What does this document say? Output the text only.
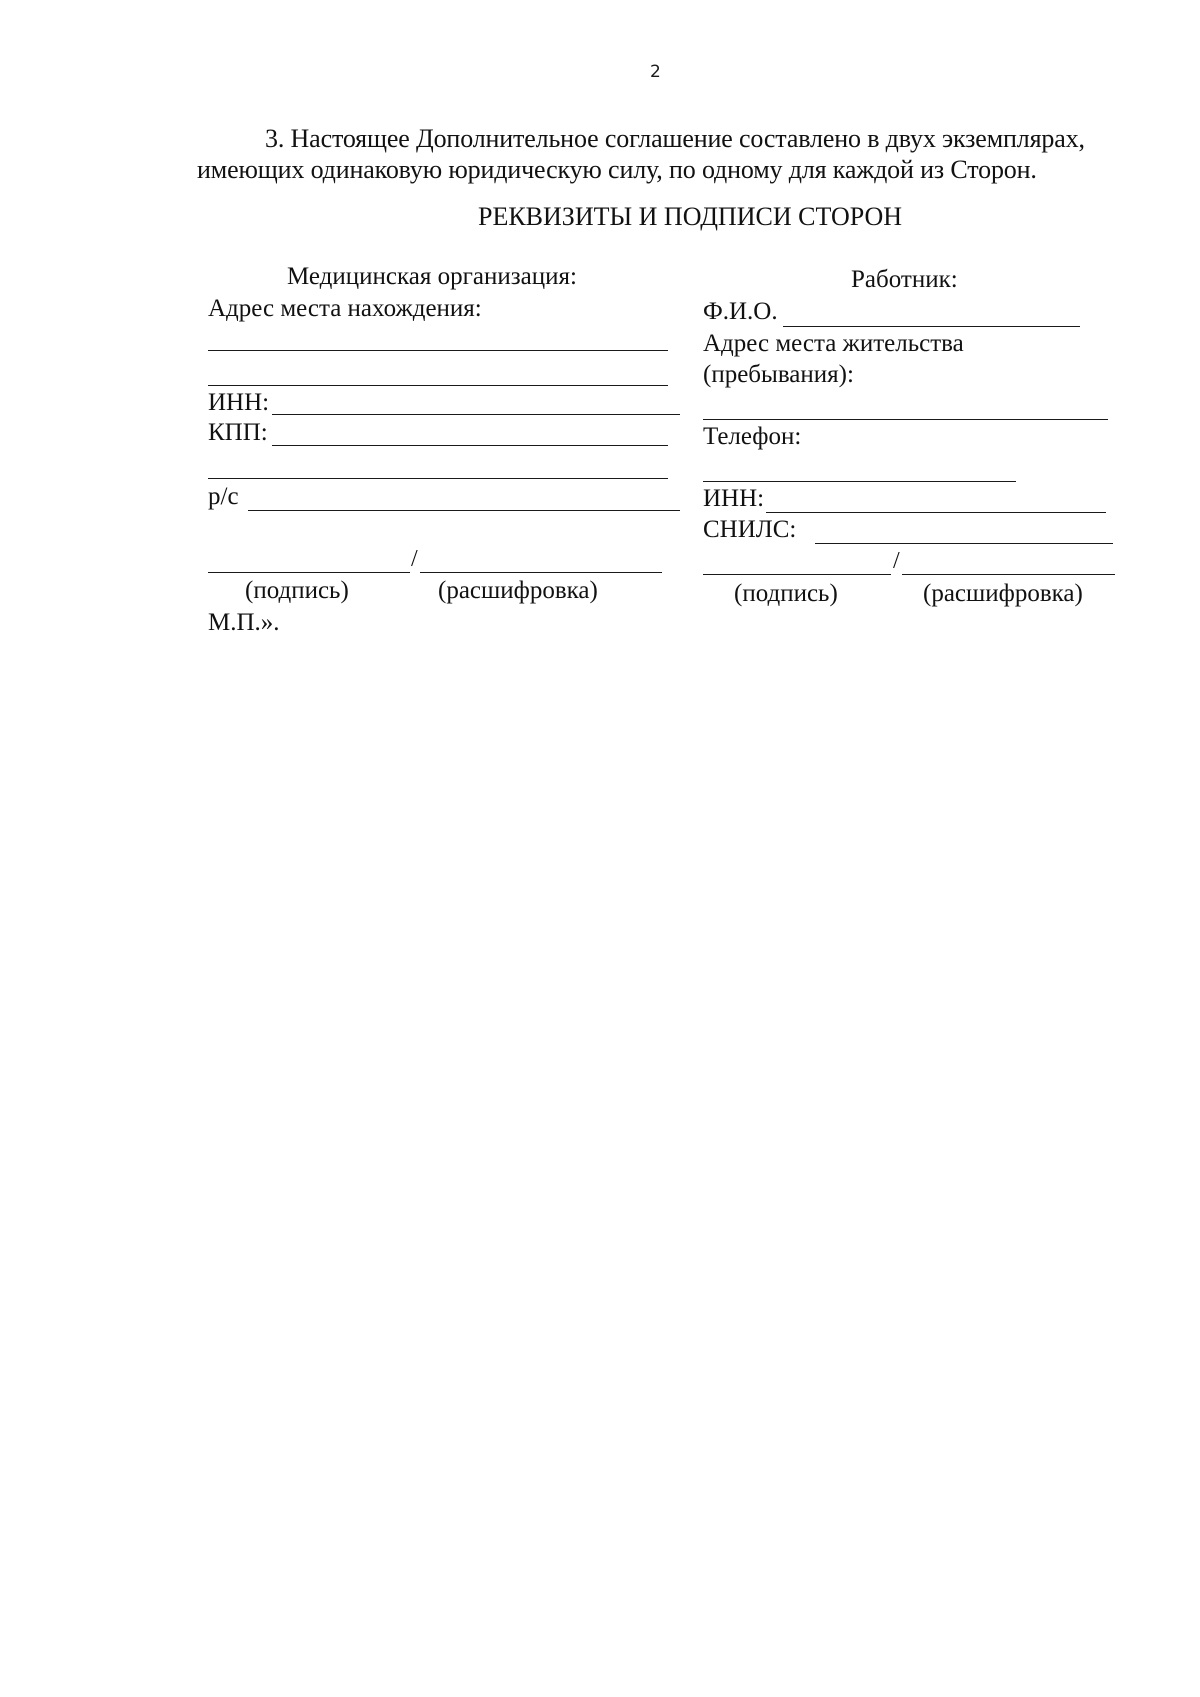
2
3. Настоящее Дополнительное соглашение составлено в двух экземплярах,
имеющих одинаковую юридическую силу, по одному для каждой из Сторон.
РЕКВИЗИТЫ И ПОДПИСИ СТОРОН
Медицинская организация:
Адрес места нахождения:
ИНН:
КПП:
р/с
/
(подпись)	(расшифровка)
М.П.».
Работник:
Ф.И.О.
Адрес места жительства
(пребывания):
Телефон:
ИНН:
СНИЛС:
/
(подпись)	(расшифровка)
